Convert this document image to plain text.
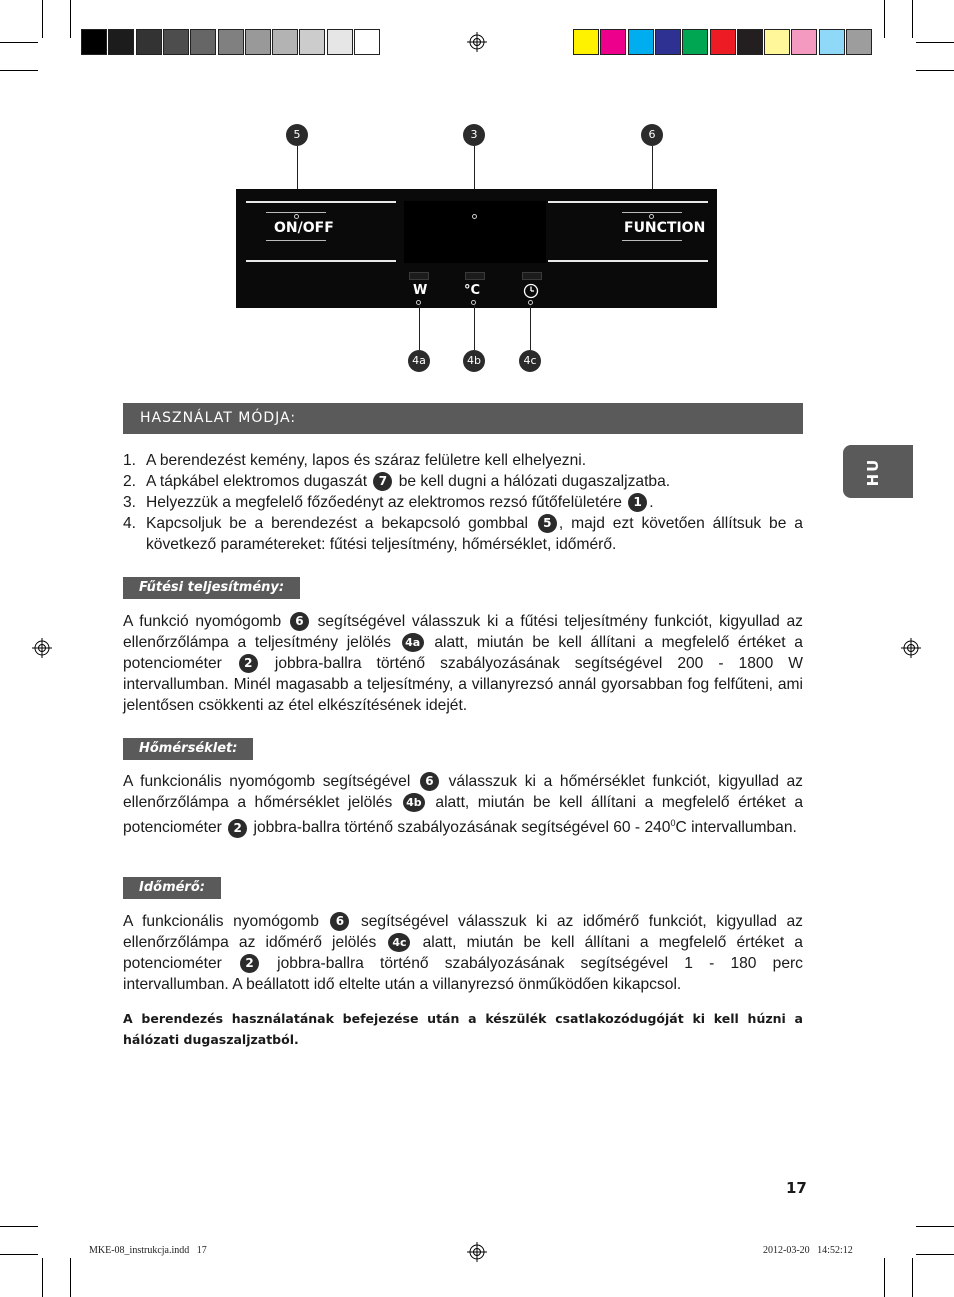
5	3	6
ON/OFF	FUNCTION
W	°C
4a	4b	4c
HASZNÁLAT MÓDJA:
1. A berendezést kemény, lapos és száraz felületre kell elhelyezni.
2. A tápkábel elektromos dugaszát 7 be kell dugni a hálózati dugaszaljzatba.
3. Helyezzük a megfelelő főzőedényt az elektromos rezsó fűtőfelületére 1 .
4. Kapcsoljuk be a berendezést a bekapcsoló gombbal 5 , majd ezt követően állítsuk be a következő paramétereket: fűtési teljesítmény, hőmérséklet, időmérő.
Fűtési teljesítmény:
A funkció nyomógomb 6 segítségével válasszuk ki a fűtési teljesítmény funkciót, kigyullad az ellenőrzőlámpa a teljesítmény jelölés 4a alatt, miután be kell állítani a megfelelő értéket a potenciométer 2 jobbra-ballra történő szabályozásának segítségével 200 - 1800 W intervallumban. Minél magasabb a teljesítmény, a villanyrezsó annál gyorsabban fog felfűteni, ami jelentősen csökkenti az étel elkészítésének idejét.
Hőmérséklet:
A funkcionális nyomógomb segítségével 6 válasszuk ki a hőmérséklet funkciót, kigyullad az ellenőrzőlámpa a hőmérséklet jelölés 4b alatt, miután be kell állítani a megfelelő értéket a potenciométer 2 jobbra-ballra történő szabályozásának segítségével $60 - 240^0C$ intervallumban.
Időmérő:
A funkcionális nyomógomb 6 segítségével válasszuk ki az időmérő funkciót, kigyullad az ellenőrzőlámpa az időmérő jelölés 4c alatt, miután be kell állítani a megfelelő értéket a potenciométer 2 jobbra-ballra történő szabályozásának segítségével 1 - 180 perc intervallumban. A beállatott idő eltelte után a villanyrezsó önműködően kikapcsol.
A berendezés használatának befejezése után a készülék csatlakozódugóját ki kell húzni a hálózati dugaszaljzatból.
HU
17
MKE-08_instrukcja.indd   17	2012-03-20   14:52:12
